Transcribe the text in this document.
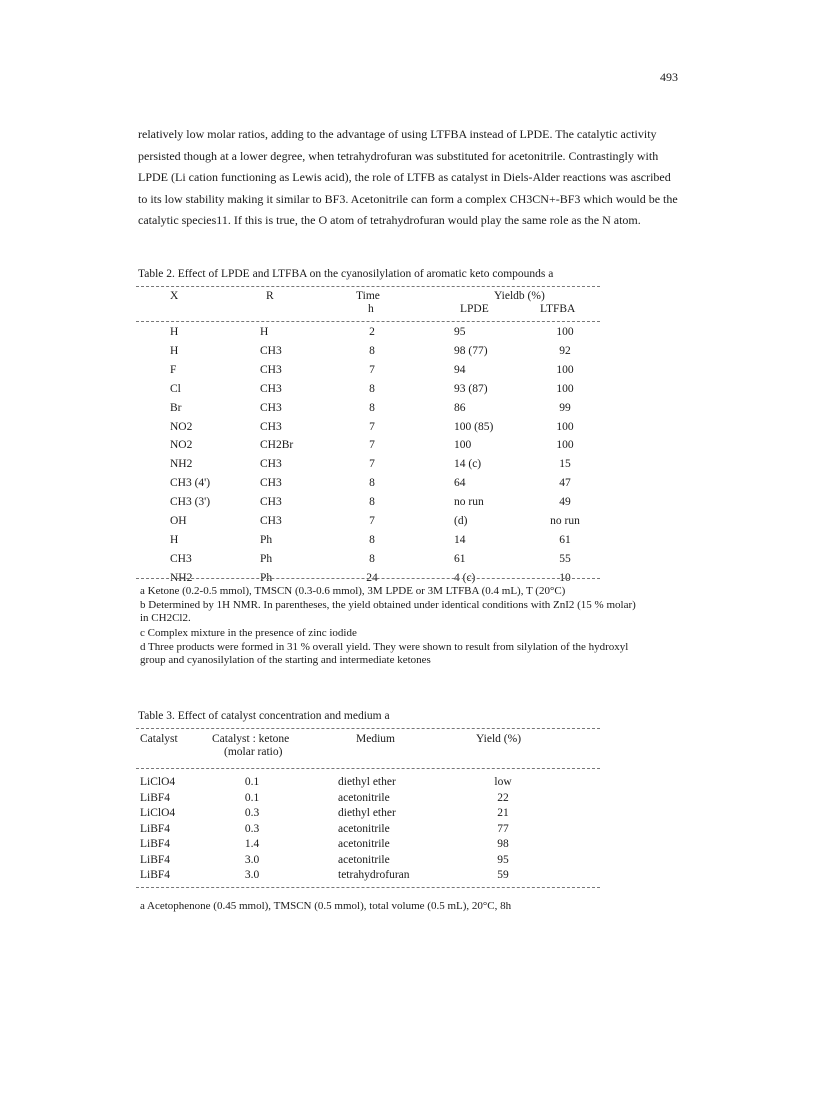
493

relatively low molar ratios, adding to the advantage of using LTFBA instead of LPDE. The catalytic activity
persisted though at a lower degree, when tetrahydrofuran was substituted for acetonitrile. Contrastingly with
LPDE (Li cation functioning as Lewis acid), the role of LTFB as catalyst in Diels-Alder reactions was ascribed
to its low stability making it similar to BF3. Acetonitrile can form a complex CH3CN+-BF3 which would be the
catalytic species11. If this is true, the O atom of tetrahydrofuran would play the same role as the N atom.

Table 2. Effect of LPDE and LTFBA on the cyanosilylation of aromatic keto compounds a
X	R	Time
h
Yieldb (%)
LPDE	LTFBA
H	H	2	95	100
H	CH3	8	98 (77)	92
F	CH3	7	94	100
Cl	CH3	8	93 (87)	100
Br	CH3	8	86	99
NO2	CH3	7	100 (85)	100
NO2	CH2Br	7	100	100
NH2	CH3	7	14 (c)	15
CH3 (4')	CH3	8	64	47
CH3 (3')	CH3	8	no run	49
OH	CH3	7	(d)	no run
H	Ph	8	14	61
CH3	Ph	8	61	55
NH2	Ph	24	4 (c)	10
a Ketone (0.2-0.5 mmol), TMSCN (0.3-0.6 mmol), 3M LPDE or 3M LTFBA (0.4 mL), T (20°C)
b Determined by 1H NMR. In parentheses, the yield obtained under identical conditions with ZnI2 (15 % molar)
in CH2Cl2.
c Complex mixture in the presence of zinc iodide
d Three products were formed in 31 % overall yield. They were shown to result from silylation of the hydroxyl
group and cyanosilylation of the starting and intermediate ketones
Table 3. Effect of catalyst concentration and medium a
Catalyst	Catalyst : ketone
(molar ratio)
Medium	Yield (%)
LiClO4	0.1	diethyl ether	low
LiBF4	0.1	acetonitrile	22
LiClO4	0.3	diethyl ether	21
LiBF4	0.3	acetonitrile	77
LiBF4	1.4	acetonitrile	98
LiBF4	3.0	acetonitrile	95
LiBF4	3.0	tetrahydrofuran	59
a Acetophenone (0.45 mmol), TMSCN (0.5 mmol), total volume (0.5 mL), 20°C, 8h
